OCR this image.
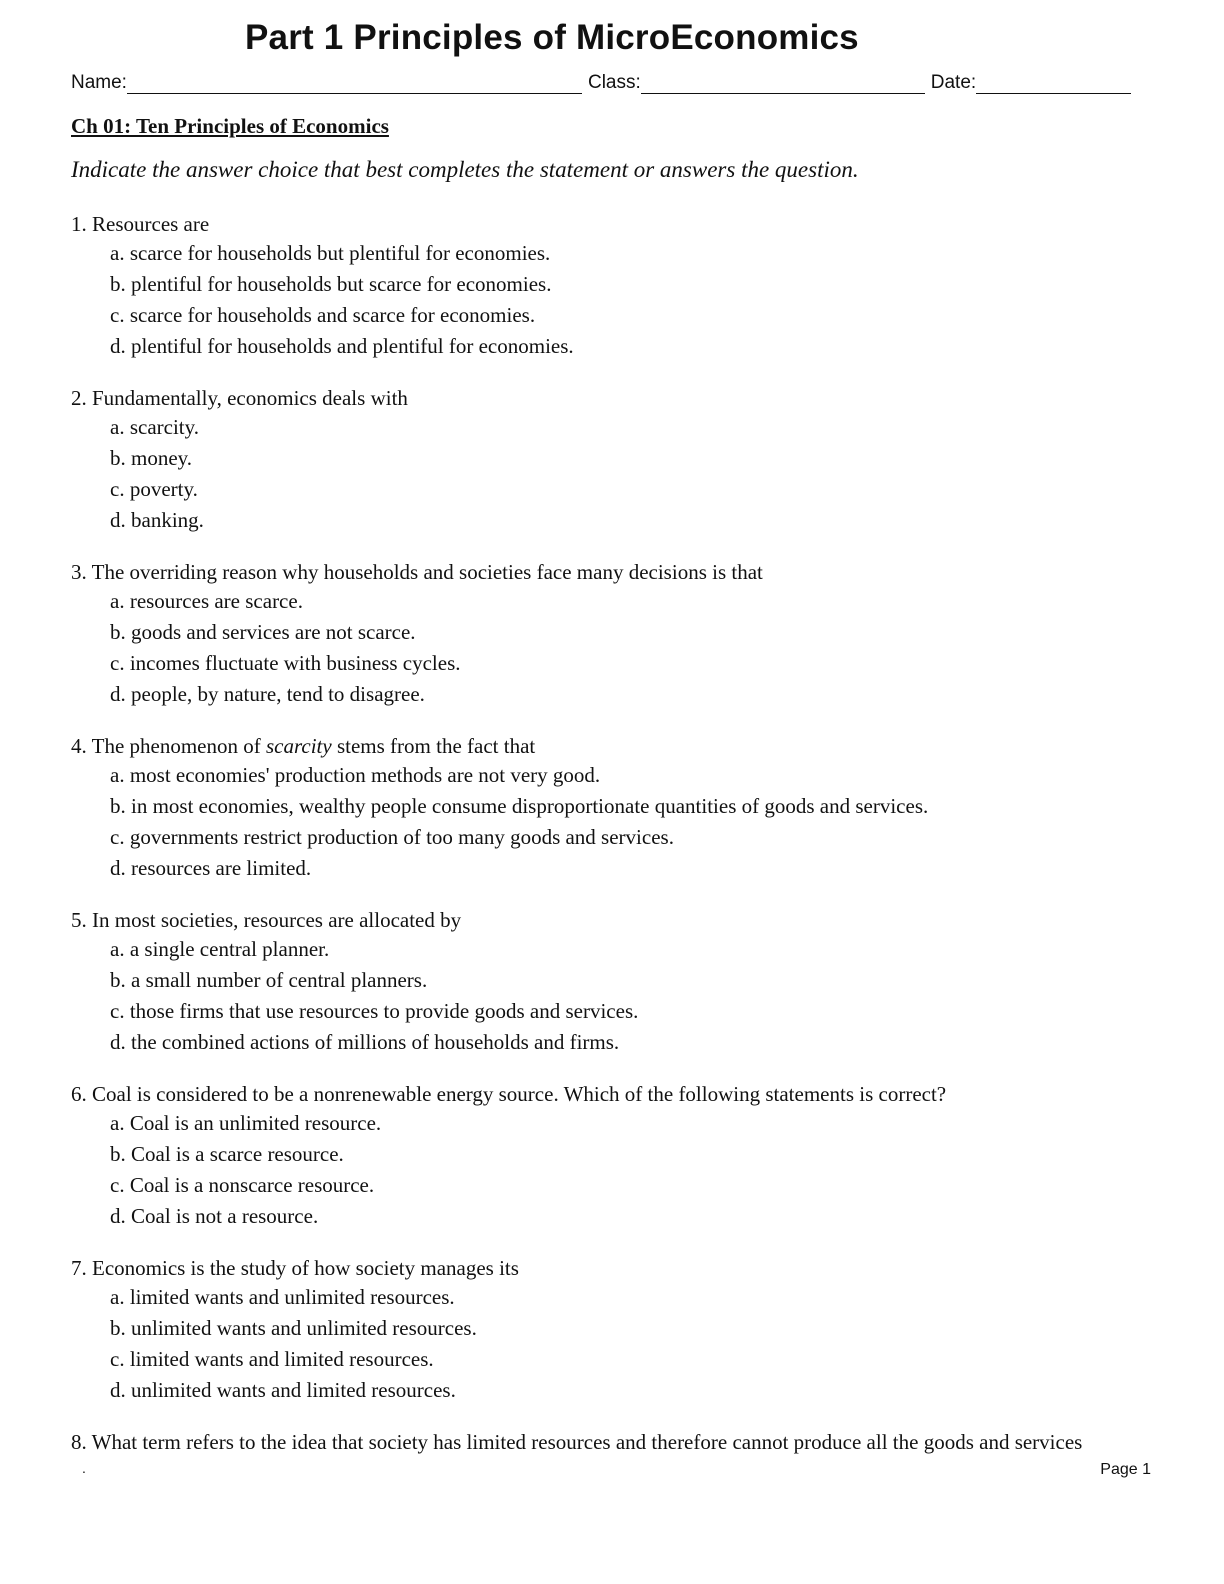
Part 1 Principles of MicroEconomics
Name:	Class:	Date:
Ch 01: Ten Principles of Economics
Indicate the answer choice that best completes the statement or answers the question.
1. Resources are
a. scarce for households but plentiful for economies.
b. plentiful for households but scarce for economies.
c. scarce for households and scarce for economies.
d. plentiful for households and plentiful for economies.
2. Fundamentally, economics deals with
a. scarcity.
b. money.
c. poverty.
d. banking.
3. The overriding reason why households and societies face many decisions is that
a. resources are scarce.
b. goods and services are not scarce.
c. incomes fluctuate with business cycles.
d. people, by nature, tend to disagree.
4. The phenomenon of scarcity stems from the fact that
a. most economies' production methods are not very good.
b. in most economies, wealthy people consume disproportionate quantities of goods and services.
c. governments restrict production of too many goods and services.
d. resources are limited.
5. In most societies, resources are allocated by
a. a single central planner.
b. a small number of central planners.
c. those firms that use resources to provide goods and services.
d. the combined actions of millions of households and firms.
6. Coal is considered to be a nonrenewable energy source. Which of the following statements is correct?
a. Coal is an unlimited resource.
b. Coal is a scarce resource.
c. Coal is a nonscarce resource.
d. Coal is not a resource.
7. Economics is the study of how society manages its
a. limited wants and unlimited resources.
b. unlimited wants and unlimited resources.
c. limited wants and limited resources.
d. unlimited wants and limited resources.
8. What term refers to the idea that society has limited resources and therefore cannot produce all the goods and services
.	Page 1
